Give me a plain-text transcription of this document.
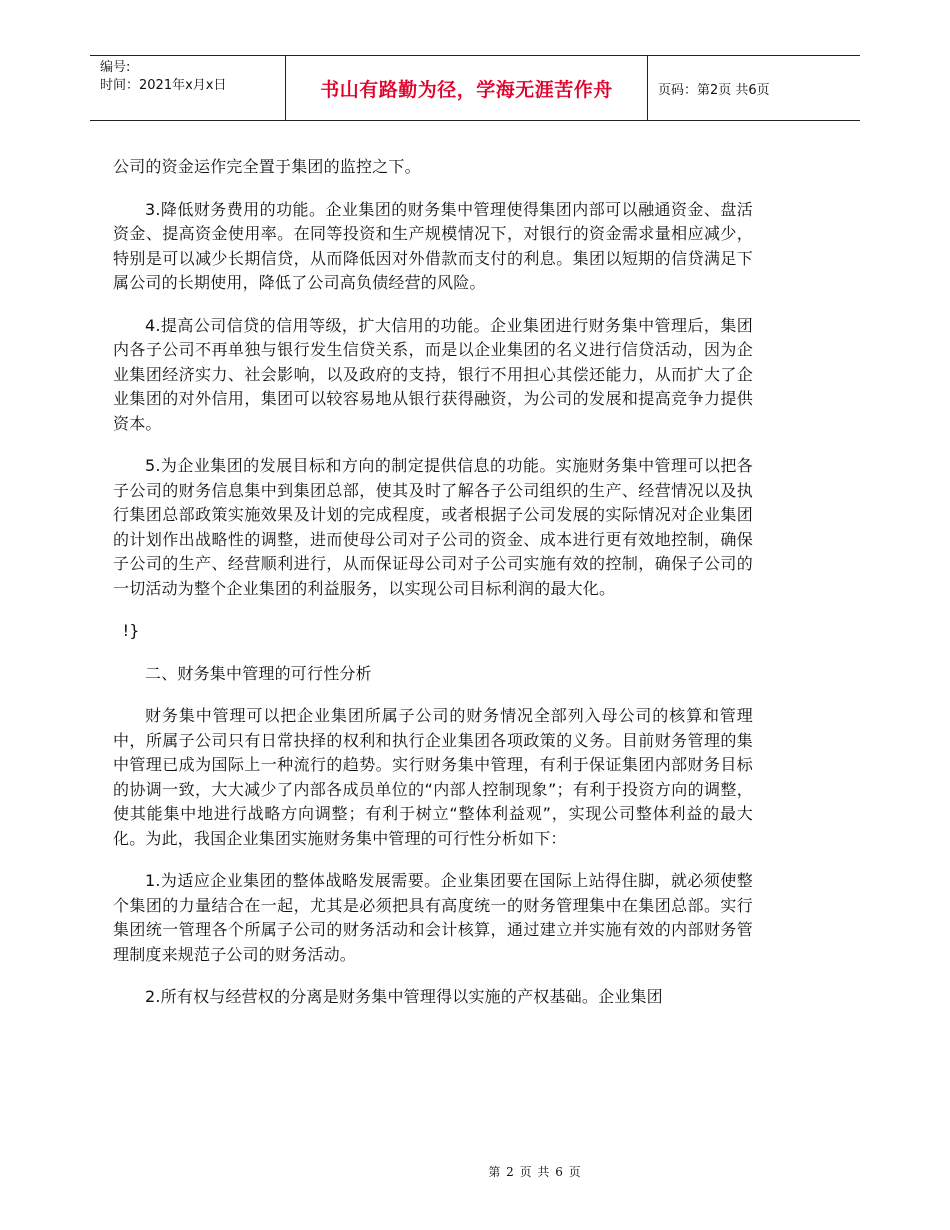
编号:
时间：2021年x月x日	书山有路勤为径，学海无涯苦作舟	页码：第2页 共6页

公司的资金运作完全置于集团的监控之下。

3.降低财务费用的功能。企业集团的财务集中管理使得集团内部可以融通资金、盘活资金、提高资金使用率。在同等投资和生产规模情况下，对银行的资金需求量相应减少，特别是可以减少长期信贷，从而降低因对外借款而支付的利息。集团以短期的信贷满足下属公司的长期使用，降低了公司高负债经营的风险。

4.提高公司信贷的信用等级，扩大信用的功能。企业集团进行财务集中管理后，集团内各子公司不再单独与银行发生信贷关系，而是以企业集团的名义进行信贷活动，因为企业集团经济实力、社会影响，以及政府的支持，银行不用担心其偿还能力，从而扩大了企业集团的对外信用，集团可以较容易地从银行获得融资，为公司的发展和提高竞争力提供资本。

5.为企业集团的发展目标和方向的制定提供信息的功能。实施财务集中管理可以把各子公司的财务信息集中到集团总部，使其及时了解各子公司组织的生产、经营情况以及执行集团总部政策实施效果及计划的完成程度，或者根据子公司发展的实际情况对企业集团的计划作出战略性的调整，进而使母公司对子公司的资金、成本进行更有效地控制，确保子公司的生产、经营顺利进行，从而保证母公司对子公司实施有效的控制，确保子公司的一切活动为整个企业集团的利益服务，以实现公司目标利润的最大化。

!}

二、财务集中管理的可行性分析

财务集中管理可以把企业集团所属子公司的财务情况全部列入母公司的核算和管理中，所属子公司只有日常抉择的权利和执行企业集团各项政策的义务。目前财务管理的集中管理已成为国际上一种流行的趋势。实行财务集中管理，有利于保证集团内部财务目标的协调一致，大大减少了内部各成员单位的“内部人控制现象”；有利于投资方向的调整，使其能集中地进行战略方向调整；有利于树立“整体利益观”，实现公司整体利益的最大化。为此，我国企业集团实施财务集中管理的可行性分析如下：

1.为适应企业集团的整体战略发展需要。企业集团要在国际上站得住脚，就必须使整个集团的力量结合在一起，尤其是必须把具有高度统一的财务管理集中在集团总部。实行集团统一管理各个所属子公司的财务活动和会计核算，通过建立并实施有效的内部财务管理制度来规范子公司的财务活动。

2.所有权与经营权的分离是财务集中管理得以实施的产权基础。企业集团

第 2 页 共 6 页
